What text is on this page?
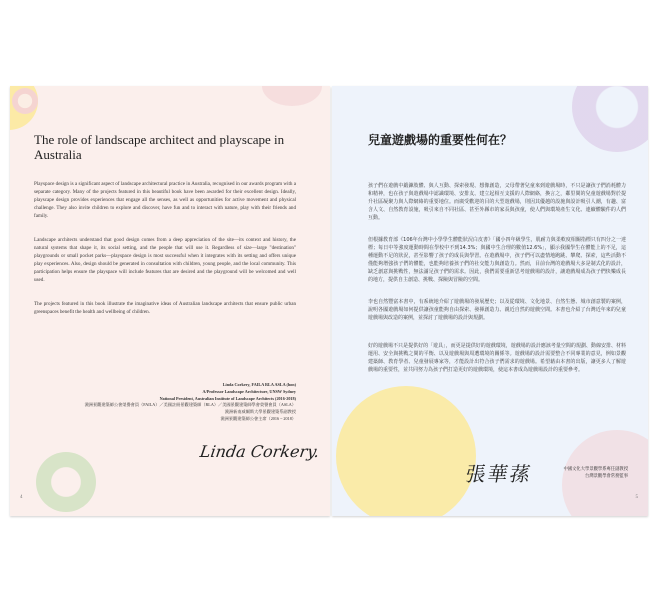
The role of landscape architect and playscape in Australia

Playspace design is a significant aspect of landscape architectural practice in Australia, recognised in our awards program with a separate category. Many of the projects featured in this beautiful book have been awarded for their excellent design. Ideally, playscape design provides experiences that engage all the senses, as well as opportunities for active movement and physical challenge. They also invite children to explore and discover, have fun and to interact with nature, play with their friends and family.

Landscape architects understand that good design comes from a deep appreciation of the site—its context and history, the natural systems that shape it, its social setting, and the people that will use it. Regardless of size—large "destination" playgrounds or small pocket parks—playspace design is most successful when it integrates with its setting and offers unique play experiences. Also, design should be generated in consultation with children, young people, and the local community. This participation helps ensure the playspace will include features that are desired and the playground will be welcomed and well used.

The projects featured in this book illustrate the imaginative ideas of Australian landscape architects that ensure public urban greenspaces benefit the health and wellbeing of children.

Linda Corkery, FAILA RLA ASLA (hon)
A/Professor Landscape Architecture, UNSW Sydney
National President, Australian Institute of Landscape Architects (2016-2018)
澳洲景觀建築師公會榮譽會員（FAILA）／美國註冊景觀建築師（RLA）／美國景觀建築師學會榮譽會員（ASLA）
澳洲新南威爾斯大學景觀建築系副教授
澳洲景觀建築師公會主席（2016 ~ 2018）
Linda Corkery.
4
兒童遊戲場的重要性何在？

孩子們在遊戲中鍛鍊肢體、與人互動、探索發現、想像創造，父母帶著兒童來到遊戲場時，不只是讓孩子們消耗體力和精神，也在孩子與遊戲場中認識環境、安排友、建立起相互支援的人際網絡，換言之，鄰里間的兒童遊戲場對於提升社區凝聚力與人際網絡的重要地位。而廣受歡迎的目的大型遊戲場，則因其優越的設施與設計吸引人潮，有趣、富含人文、自然教育設施，吸引來自不同社區、甚至外縣市的家長與孩童，使人們與環境產生文化、連續體驗件的人們互動。

但根據教育部《106年台灣中小學學生體能狀況白皮書》「國小四年級學生，肌耐力與柔軟度相關指標只有四分之一達標；每日中等強度運動時間在學校中不到14.3%；與國中生合理的數值12.6%」，顯示我國學生在體能上的不足，這種運動不足的狀況，甚至影響了孩子的成長與學習。在遊戲場中，孩子們可以盡情地跑跳、攀爬、探索，這些活動不僅能夠增強孩子們的體能，也能夠培養孩子們的社交能力與創造力。然而，目前台灣的遊戲場大多是制式化的設計，缺乏創意與挑戰性，無法滿足孩子們的需求。因此，我們需要重新思考遊戲場的設計，讓遊戲場成為孩子們快樂成長的地方，提供自主創造、挑戰、探險與冒險的空間。

李也自然豐富本書中，有系統地介紹了遊戲場的發展歷史；以及從環境、文化地景、自然生態、城市創意製的案例，說明各國遊戲場如何提供讓孩童能夠自由探索、發揮創造力、親近自然的遊戲空間。本書也介紹了台灣近年來的兒童遊戲場與改造的案例，並探討了遊戲場的設計與規劃。

好的遊戲場不只是提供好的「遊具」，而更是提供好的遊戲環境，遊戲場的設計應該考量空間的規劃、動線安排、材料運用、安全與挑戰之間的平衡、以及遊戲場與周遭環境的關係等。遊戲場的設計需要整合不同專業的意見，例如景觀建築師、教育學者、兒童發展專家等，才能設計出符合孩子們需求的遊戲場。希望藉由本書的出版，讓更多人了解遊戲場的重要性，並共同努力為孩子們打造更好的遊戲環境，使這本書成為遊戲場設計的重要參考。

張華蓀	中國文化大學景觀學系專任副教授
台灣景觀學會常務監事
5
